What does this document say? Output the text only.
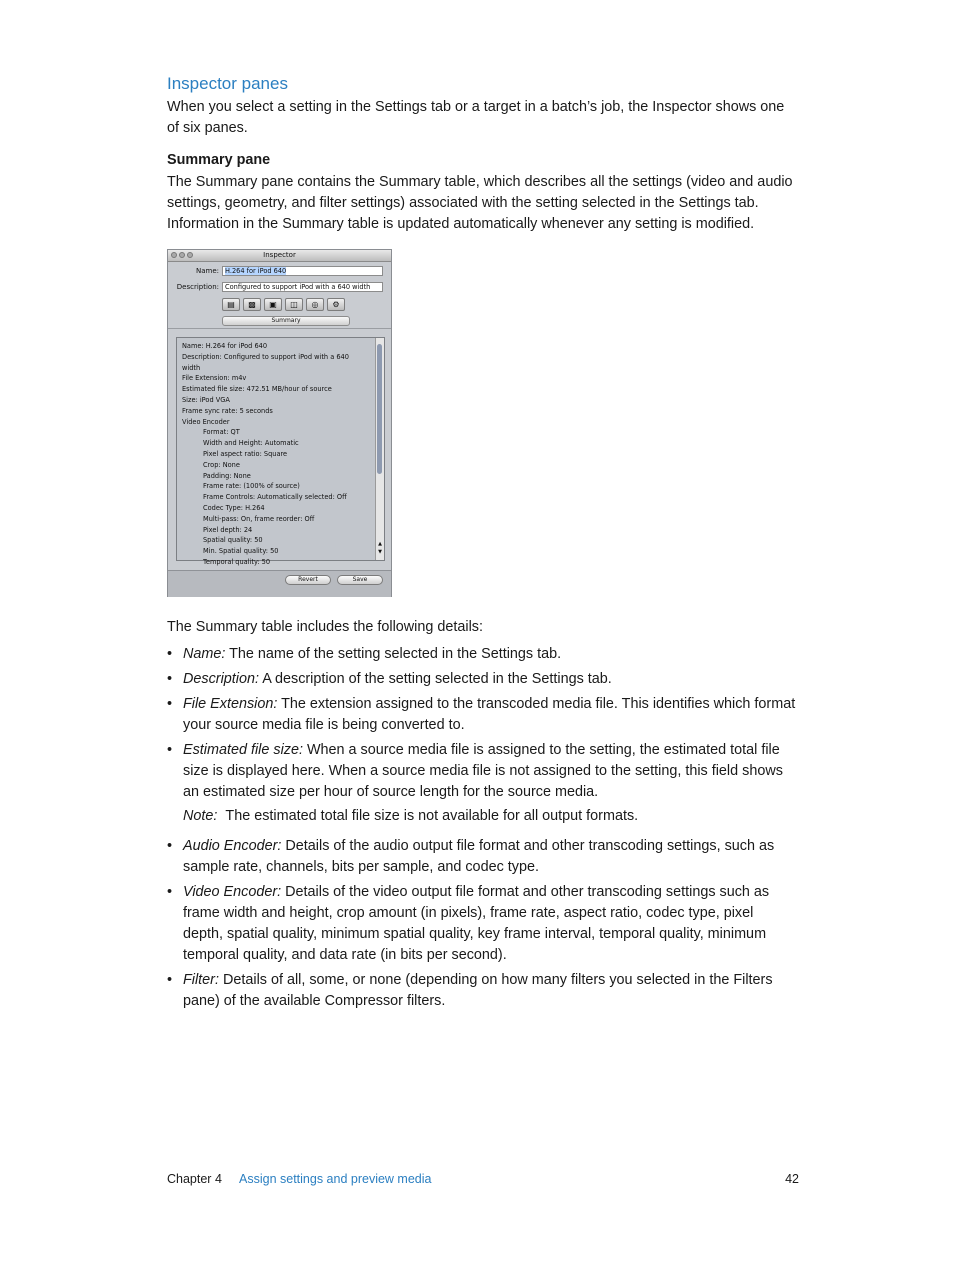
Inspector panes

When you select a setting in the Settings tab or a target in a batch’s job, the Inspector shows one
of six panes.

Summary pane

The Summary pane contains the Summary table, which describes all the settings (video and audio
settings, geometry, and filter settings) associated with the setting selected in the Settings tab.
Information in the Summary table is updated automatically whenever any setting is modified.

Inspector
Name: H.264 for iPod 640
Description: Configured to support iPod with a 640 width
▤	▩	▣	◫	◎	⚙
Summary
Name: H.264 for iPod 640
Description: Configured to support iPod with a 640
width
File Extension: m4v
Estimated file size: 472.51 MB/hour of source
Size: iPod VGA
Frame sync rate: 5 seconds
Video Encoder
Format: QT
Width and Height: Automatic
Pixel aspect ratio: Square
Crop: None
Padding: None
Frame rate: (100% of source)
Frame Controls: Automatically selected: Off
Codec Type: H.264
Multi-pass: On, frame reorder: Off
Pixel depth: 24
Spatial quality: 50
Min. Spatial quality: 50
Temporal quality: 50
▲
▼
Revert	Save

The Summary table includes the following details:

• Name: The name of the setting selected in the Settings tab.
• Description: A description of the setting selected in the Settings tab.
• File Extension: The extension assigned to the transcoded media file. This identifies which format
your source media file is being converted to.
• Estimated file size: When a source media file is assigned to the setting, the estimated total file
size is displayed here. When a source media file is not assigned to the setting, this field shows
an estimated size per hour of source length for the source media.
• Audio Encoder: Details of the audio output file format and other transcoding settings, such as
sample rate, channels, bits per sample, and codec type.
• Video Encoder: Details of the video output file format and other transcoding settings such as
frame width and height, crop amount (in pixels), frame rate, aspect ratio, codec type, pixel
depth, spatial quality, minimum spatial quality, key frame interval, temporal quality, minimum
temporal quality, and data rate (in bits per second).
• Filter: Details of all, some, or none (depending on how many filters you selected in the Filters
pane) of the available Compressor filters.
Note: The estimated total file size is not available for all output formats.
Chapter 4 Assign settings and preview media	42
